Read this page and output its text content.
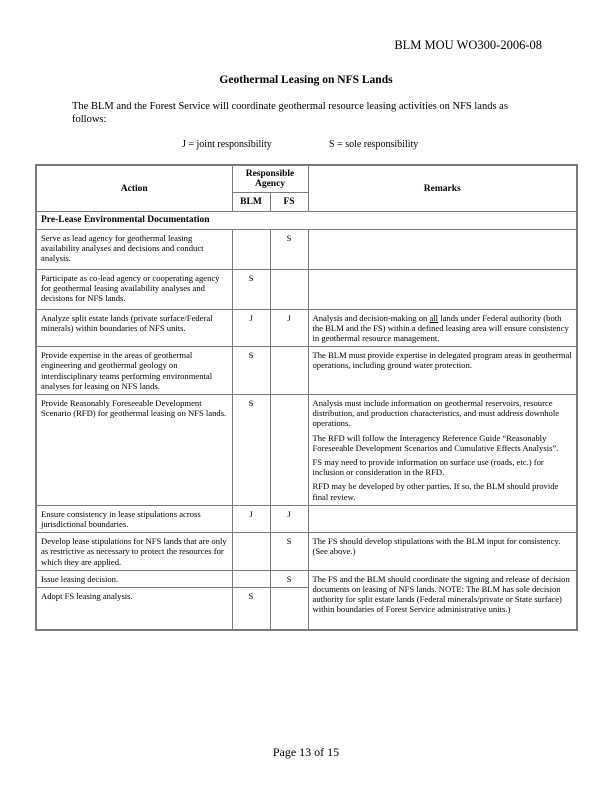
BLM MOU WO300-2006-08
Geothermal Leasing on NFS Lands
The BLM and the Forest Service will coordinate geothermal resource leasing activities on NFS lands as follows:
J = joint responsibility	S = sole responsibility
Action	Responsible Agency		Remarks
	BLM	FS	
Pre-Lease Environmental Documentation			
Serve as lead agency for geothermal leasing availability analyses and decisions and conduct analysis.		S	
Participate as co-lead agency or cooperating agency for geothermal leasing availability analyses and decisions for NFS lands.	S		
Analyze split estate lands (private surface/Federal minerals) within boundaries of NFS units.	J	J	Analysis and decision-making on all lands under Federal authority (both the BLM and the FS) within a defined leasing area will ensure consistency in geothermal resource management.
Provide expertise in the areas of geothermal engineering and geothermal geology on interdisciplinary teams performing environmental analyses for leasing on NFS lands.	S		The BLM must provide expertise in delegated program areas in geothermal operations, including ground water protection.
Provide Reasonably Foreseeable Development Scenario (RFD) for geothermal leasing on NFS lands.	S		Analysis must include information on geothermal reservoirs, resource distribution, and production characteristics, and must address downhole operations.

The RFD will follow the Interagency Reference Guide “Reasonably Foreseeable Development Scenarios and Cumulative Effects Analysis”.

FS may need to provide information on surface use (roads, etc.) for inclusion or consideration in the RFD.

RFD may be developed by other parties. If so, the BLM should provide final review.

Ensure consistency in lease stipulations across jurisdictional boundaries.	J	J	
Develop lease stipulations for NFS lands that are only as restrictive as necessary to protect the resources for which they are applied.		S	The FS should develop stipulations with the BLM input for consistency. (See above.)
Issue leasing decision.		S	The FS and the BLM should coordinate the signing and release of decision documents on leasing of NFS lands. NOTE: The BLM has sole decision authority for split estate lands (Federal minerals/private or State surface) within boundaries of Forest Service administrative units.)
Adopt FS leasing analysis.	S		
Page 13 of 15
